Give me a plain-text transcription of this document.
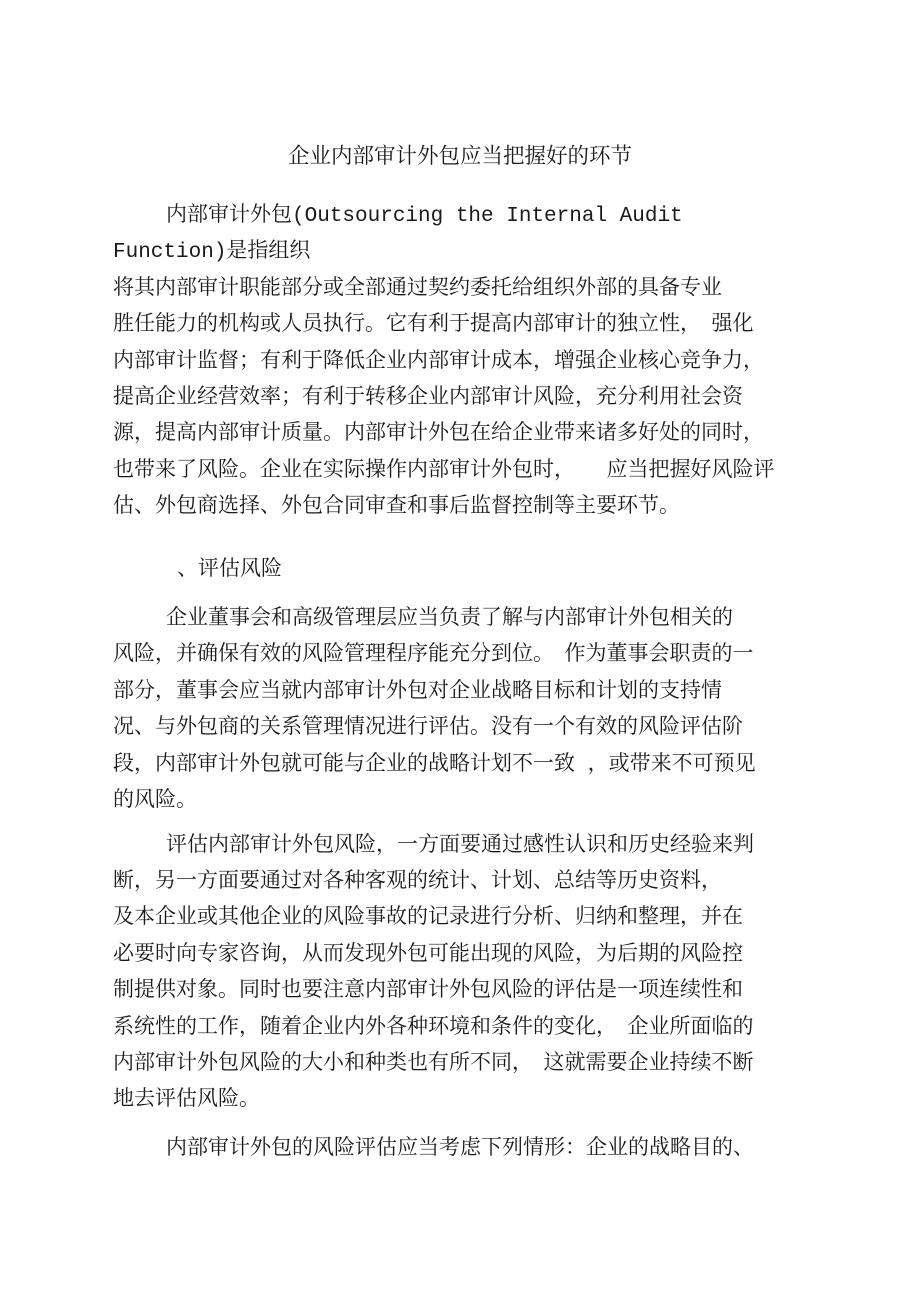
企业内部审计外包应当把握好的环节
内部审计外包(Outsourcing the Internal Audit
Function)是指组织
将其内部审计职能部分或全部通过契约委托给组织外部的具备专业
胜任能力的机构或人员执行。它有利于提高内部审计的独立性，　强化
内部审计监督；有利于降低企业内部审计成本，增强企业核心竞争力，
提高企业经营效率；有利于转移企业内部审计风险，充分利用社会资
源，提高内部审计质量。内部审计外包在给企业带来诸多好处的同时，
也带来了风险。企业在实际操作内部审计外包时，　　应当把握好风险评
估、外包商选择、外包合同审查和事后监督控制等主要环节。
、评估风险
企业董事会和高级管理层应当负责了解与内部审计外包相关的
风险，并确保有效的风险管理程序能充分到位。　作为董事会职责的一
部分，董事会应当就内部审计外包对企业战略目标和计划的支持情
况、与外包商的关系管理情况进行评估。没有一个有效的风险评估阶
段，内部审计外包就可能与企业的战略计划不一致 ，或带来不可预见
的风险。
评估内部审计外包风险，一方面要通过感性认识和历史经验来判
断，另一方面要通过对各种客观的统计、计划、总结等历史资料，
及本企业或其他企业的风险事故的记录进行分析、归纳和整理，并在
必要时向专家咨询，从而发现外包可能出现的风险，为后期的风险控
制提供对象。同时也要注意内部审计外包风险的评估是一项连续性和
系统性的工作，随着企业内外各种环境和条件的变化，　企业所面临的
内部审计外包风险的大小和种类也有所不同，　这就需要企业持续不断
地去评估风险。
内部审计外包的风险评估应当考虑下列情形：企业的战略目的、
